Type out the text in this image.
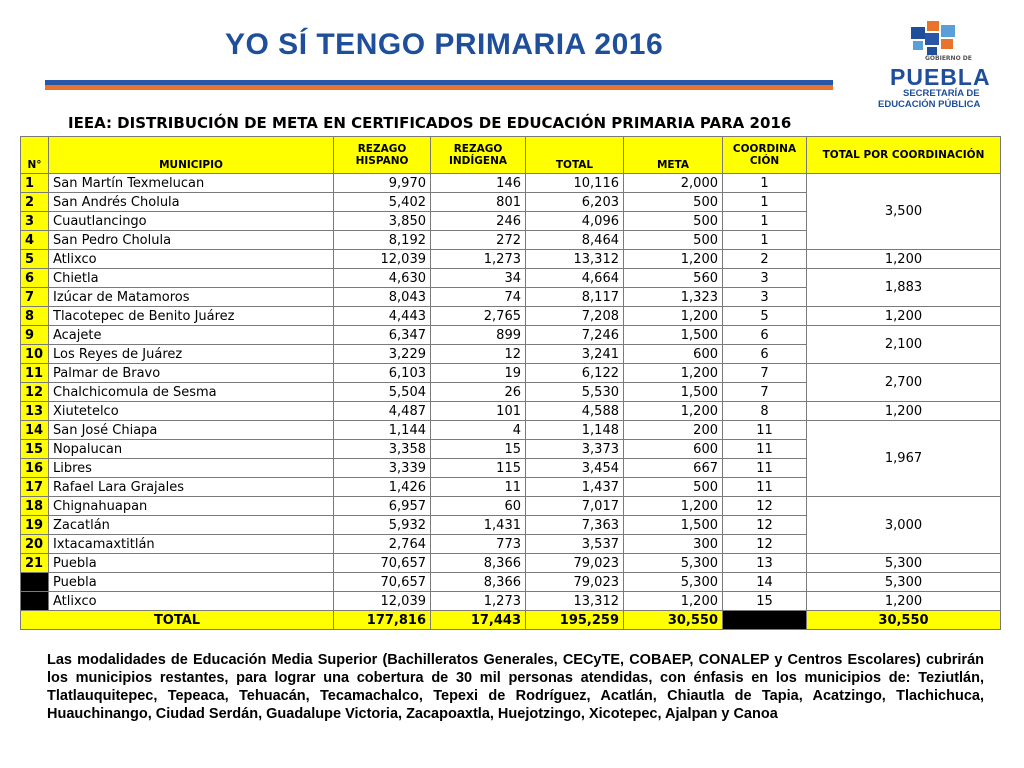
YO SÍ TENGO PRIMARIA 2016	GOBIERNO DE
PUEBLA
SECRETARÍA DE
EDUCACIÓN PÚBLICA
IEEA: DISTRIBUCIÓN DE META EN CERTIFICADOS DE EDUCACIÓN PRIMARIA PARA 2016
N°	MUNICIPIO	REZAGO HISPANO	REZAGO INDÍGENA	TOTAL	META	COORDINA CIÓN	TOTAL POR COORDINACIÓN
1	San Martín Texmelucan	9,970	146	10,116	2,000	1	3,500
2	San Andrés Cholula	5,402	801	6,203	500	1	
3	Cuautlancingo	3,850	246	4,096	500	1	
4	San Pedro Cholula	8,192	272	8,464	500	1	
5	Atlixco	12,039	1,273	13,312	1,200	2	1,200
6	Chietla	4,630	34	4,664	560	3	1,883
7	Izúcar de Matamoros	8,043	74	8,117	1,323	3	
8	Tlacotepec de Benito Juárez	4,443	2,765	7,208	1,200	5	1,200
9	Acajete	6,347	899	7,246	1,500	6	2,100
10	Los Reyes de Juárez	3,229	12	3,241	600	6	
11	Palmar de Bravo	6,103	19	6,122	1,200	7	2,700
12	Chalchicomula de Sesma	5,504	26	5,530	1,500	7	
13	Xiutetelco	4,487	101	4,588	1,200	8	1,200
14	San José Chiapa	1,144	4	1,148	200	11	1,967
15	Nopalucan	3,358	15	3,373	600	11	
16	Libres	3,339	115	3,454	667	11	
17	Rafael Lara Grajales	1,426	11	1,437	500	11	
18	Chignahuapan	6,957	60	7,017	1,200	12	3,000
19	Zacatlán	5,932	1,431	7,363	1,500	12	
20	Ixtacamaxtitlán	2,764	773	3,537	300	12	
21	Puebla	70,657	8,366	79,023	5,300	13	5,300
	Puebla	70,657	8,366	79,023	5,300	14	5,300
	Atlixco	12,039	1,273	13,312	1,200	15	1,200
TOTAL		177,816	17,443	195,259	30,550		30,550
Las modalidades de Educación Media Superior (Bachilleratos Generales, CECyTE, COBAEP, CONALEP y Centros Escolares) cubrirán los municipios restantes, para lograr una cobertura de 30 mil personas atendidas, con énfasis en los municipios de: Teziutlán, Tlatlauquitepec, Tepeaca, Tehuacán, Tecamachalco, Tepexi de Rodríguez, Acatlán, Chiautla de Tapia, Acatzingo, Tlachichuca, Huauchinango, Ciudad Serdán, Guadalupe Victoria, Zacapoaxtla, Huejotzingo, Xicotepec, Ajalpan y Canoa
